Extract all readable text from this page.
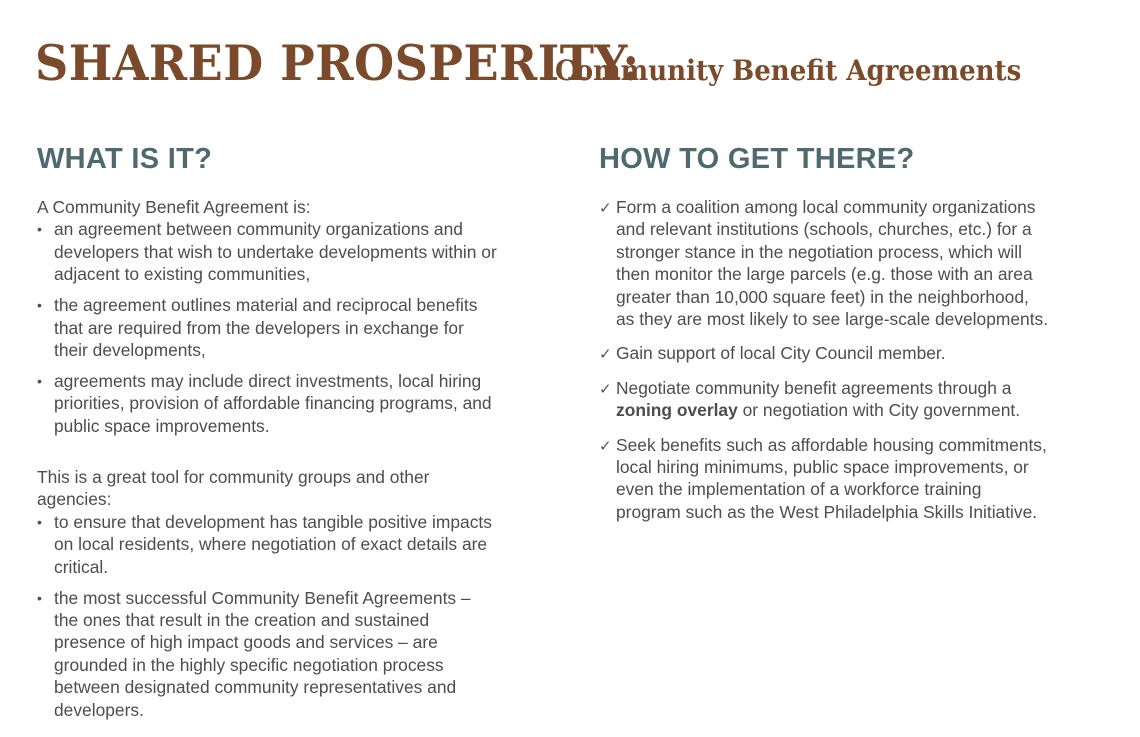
SHARED PROSPERITY:
Community Benefit Agreements
WHAT IS IT?

A Community Benefit Agreement is:

• an agreement between community organizations and developers that wish to undertake developments within or adjacent to existing communities,
• the agreement outlines material and reciprocal benefits that are required from the developers in exchange for their developments,
• agreements may include direct investments, local hiring priorities, provision of affordable financing programs, and public space improvements.

This is a great tool for community groups and other agencies:

• to ensure that development has tangible positive impacts on local residents, where negotiation of exact details are critical.
• the most successful Community Benefit Agreements – the ones that result in the creation and sustained presence of high impact goods and services – are grounded in the highly specific negotiation process between designated community representatives and developers.
HOW TO GET THERE?
✓ Form a coalition among local community organizations and relevant institutions (schools, churches, etc.) for a stronger stance in the negotiation process, which will then monitor the large parcels (e.g. those with an area greater than 10,000 square feet) in the neighborhood, as they are most likely to see large-scale developments.
✓ Gain support of local City Council member.
✓ Negotiate community benefit agreements through a zoning overlay or negotiation with City government.
✓ Seek benefits such as affordable housing commitments, local hiring minimums, public space improvements, or even the implementation of a workforce training program such as the West Philadelphia Skills Initiative.
